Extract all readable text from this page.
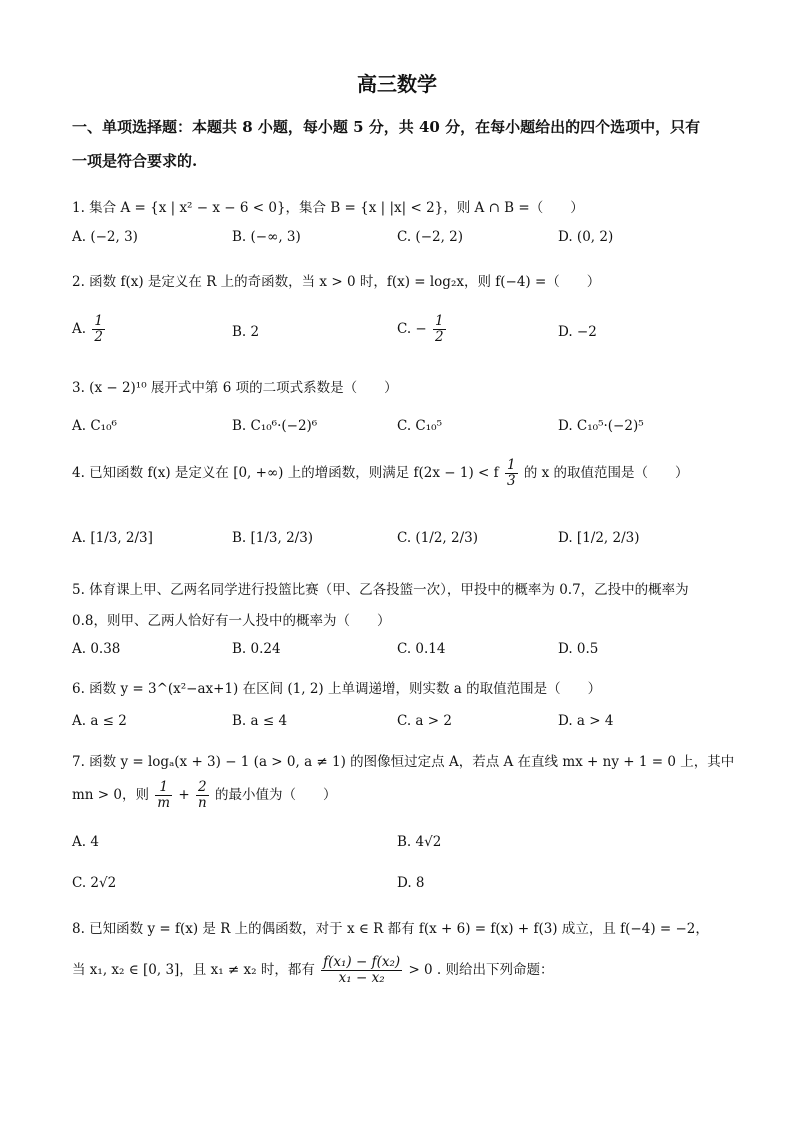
高三数学
一、单项选择题：本题共 8 小题，每小题 5 分，共 40 分，在每小题给出的四个选项中，只有
一项是符合要求的.
1. 集合 A = {x | x² − x − 6 < 0}，集合 B = {x | |x| < 2}，则 A ∩ B =（　　）
A. (−2, 3)	B. (−∞, 3)	C. (−2, 2)	D. (0, 2)
2. 函数 f(x) 是定义在 R 上的奇函数，当 x > 0 时，f(x) = log₂x，则 f(−4) =（　　）
A. $\frac{1}{2}$	B. 2	C. − $\frac{1}{2}$	D. −2
3. (x − 2)¹⁰ 展开式中第 6 项的二项式系数是（　　）
A. C₁₀⁶	B. C₁₀⁶·(−2)⁶	C. C₁₀⁵	D. C₁₀⁵·(−2)⁵
4. 已知函数 f(x) 是定义在 [0, +∞) 上的增函数，则满足 f(2x − 1) < f $\frac{1}{3}$ 的 x 的取值范围是（　　）
A. [1/3, 2/3]	B. [1/3, 2/3)	C. (1/2, 2/3)	D. [1/2, 2/3)
5. 体育课上甲、乙两名同学进行投篮比赛（甲、乙各投篮一次），甲投中的概率为 0.7，乙投中的概率为
0.8，则甲、乙两人恰好有一人投中的概率为（　　）
A. 0.38	B. 0.24	C. 0.14	D. 0.5
6. 函数 y = 3^(x²−ax+1) 在区间 (1, 2) 上单调递增，则实数 a 的取值范围是（　　）
A. a ≤ 2	B. a ≤ 4	C. a > 2	D. a > 4
7. 函数 y = logₐ(x + 3) − 1 (a > 0, a ≠ 1) 的图像恒过定点 A，若点 A 在直线 mx + ny + 1 = 0 上，其中
mn > 0，则 $\frac{1}{m} + \frac{2}{n}$ 的最小值为（　　）
A. 4	B. 4√2
C. 2√2	D. 8
8. 已知函数 y = f(x) 是 R 上的偶函数，对于 x ∈ R 都有 f(x + 6) = f(x) + f(3) 成立，且 f(−4) = −2，
当 x₁, x₂ ∈ [0, 3]，且 x₁ ≠ x₂ 时，都有 $\frac{\text{f(x₁) − f(x₂)}}{\text{x₁ − x₂}} > 0$ . 则给出下列命题：
